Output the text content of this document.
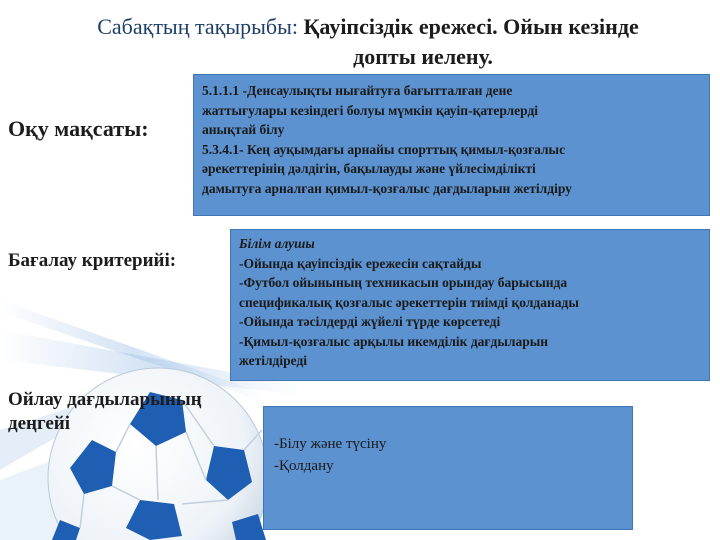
Сабақтың тақырыбы: Қауіпсіздік ережесі. Ойын кезінде
допты иелену.
Оқу мақсаты:

5.1.1.1 -Денсаулықты нығайтуға бағытталған дене

жаттығулары кезіндегі болуы мүмкін қауіп-қатерлерді

анықтай білу

5.3.4.1- Кең ауқымдағы арнайы спорттық қимыл-қозғалыс

әрекеттерінің дәлдігін, бақылауды және үйлесімділікті

дамытуға арналған қимыл-қозғалыс дағдыларын жетілдіру

Бағалау критерийі:

Білім алушы

-Ойында қауіпсіздік ережесін сақтайды

-Футбол ойынының техникасын орындау барысында

спецификалық қозғалыс әрекеттерін тиімді қолданады

-Ойында тәсілдерді жүйелі түрде көрсетеді

-Қимыл-қозғалыс арқылы икемділік дағдыларын

жетілдіреді

Ойлау дағдыларының
деңгейі

-Білу және түсіну

-Қолдану
